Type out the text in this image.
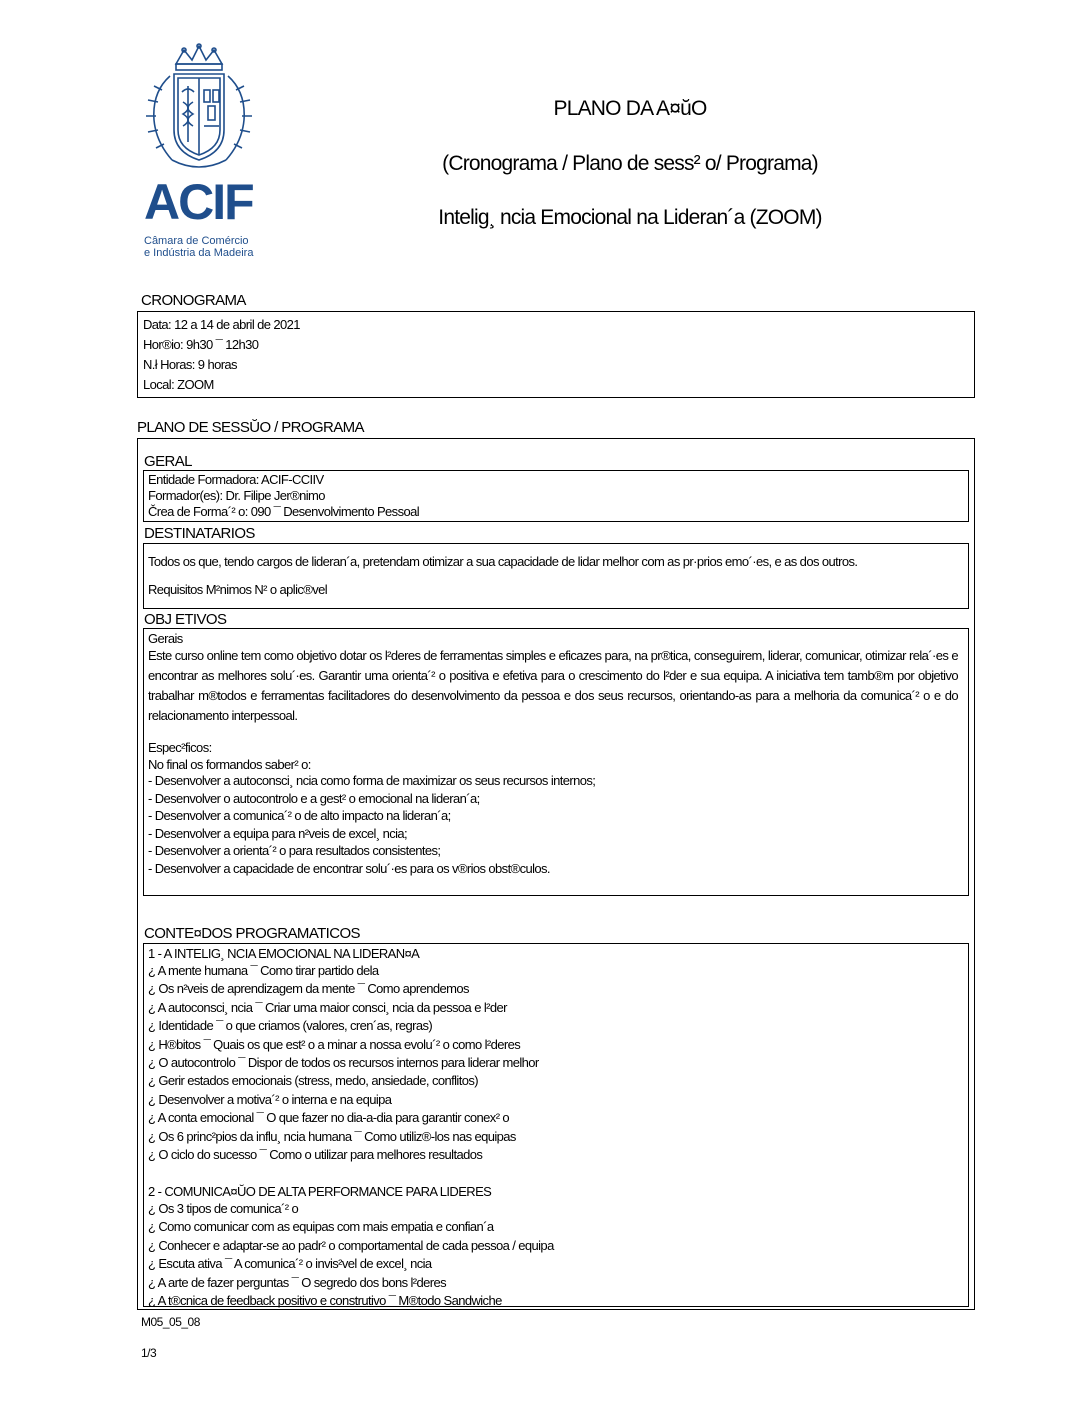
ACIF
Câmara de Comércio
e Indústria da Madeira
PLANO DA A¤ŭO
(Cronograma / Plano de sess² o/ Programa)
Intelig¸ ncia Emocional na Lideran´a (ZOOM)
CRONOGRAMA
Data: 12 a 14 de abril de 2021
Hor®io: 9h30 ¯ 12h30
N.ł Horas: 9 horas
Local: ZOOM
PLANO DE SESSŬO / PROGRAMA
GERAL
Entidade Formadora: ACIF-CCIIV
Formador(es): Dr. Filipe Jer®nimo
Črea de Forma´² o: 090 ¯ Desenvolvimento Pessoal
DESTINATARIOS
Todos os que, tendo cargos de lideran´a, pretendam otimizar a sua capacidade de lidar melhor com as pr·prios emo´·es, e as dos outros.
Requisitos M²nimos N² o aplic®vel
OBJ ETIVOS
Gerais
Este curso online tem como objetivo dotar os l²deres de ferramentas simples e eficazes para, na pr®tica, conseguirem, liderar, comunicar, otimizar rela´·es e encontrar as melhores solu´·es. Garantir uma orienta´² o positiva e efetiva para o crescimento do l²der e sua equipa. A iniciativa tem tamb®m por objetivo trabalhar m®todos e ferramentas facilitadores do desenvolvimento da pessoa e dos seus recursos, orientando-as para a melhoria da comunica´² o e do relacionamento interpessoal.
Espec²ficos:
No final os formandos saber² o:
- Desenvolver a autoconsci¸ ncia como forma de maximizar os seus recursos internos;
- Desenvolver o autocontrolo e a gest² o emocional na lideran´a;
- Desenvolver a comunica´² o de alto impacto na lideran´a;
- Desenvolver a equipa para n²veis de excel¸ ncia;
- Desenvolver a orienta´² o para resultados consistentes;
- Desenvolver a capacidade de encontrar solu´·es para os v®rios obst®culos.
CONTE¤DOS PROGRAMATICOS
1 - A INTELIG¸ NCIA EMOCIONAL NA LIDERAN¤A
¿ A mente humana ¯ Como tirar partido dela
¿ Os n²veis de aprendizagem da mente ¯ Como aprendemos
¿ A autoconsci¸ ncia ¯ Criar uma maior consci¸ ncia da pessoa e l²der
¿ Identidade ¯ o que criamos (valores, cren´as, regras)
¿ H®bitos ¯ Quais os que est² o a minar a nossa evolu´² o como l²deres
¿ O autocontrolo ¯ Dispor de todos os recursos internos para liderar melhor
¿ Gerir estados emocionais (stress, medo, ansiedade, conflitos)
¿ Desenvolver a motiva´² o interna e na equipa
¿ A conta emocional ¯ O que fazer no dia-a-dia para garantir conex² o
¿ Os 6 princ²pios da influ¸ ncia humana ¯ Como utiliz®-los nas equipas
¿ O ciclo do sucesso ¯ Como o utilizar para melhores resultados
2 - COMUNICA¤ŬO DE ALTA PERFORMANCE PARA LIDERES
¿ Os 3 tipos de comunica´² o
¿ Como comunicar com as equipas com mais empatia e confian´a
¿ Conhecer e adaptar-se ao padr² o comportamental de cada pessoa / equipa
¿ Escuta ativa ¯ A comunica´² o invis²vel de excel¸ ncia
¿ A arte de fazer perguntas ¯ O segredo dos bons l²deres
¿ A t®cnica de feedback positivo e construtivo ¯ M®todo Sandwiche
M05_05_08
1/3
